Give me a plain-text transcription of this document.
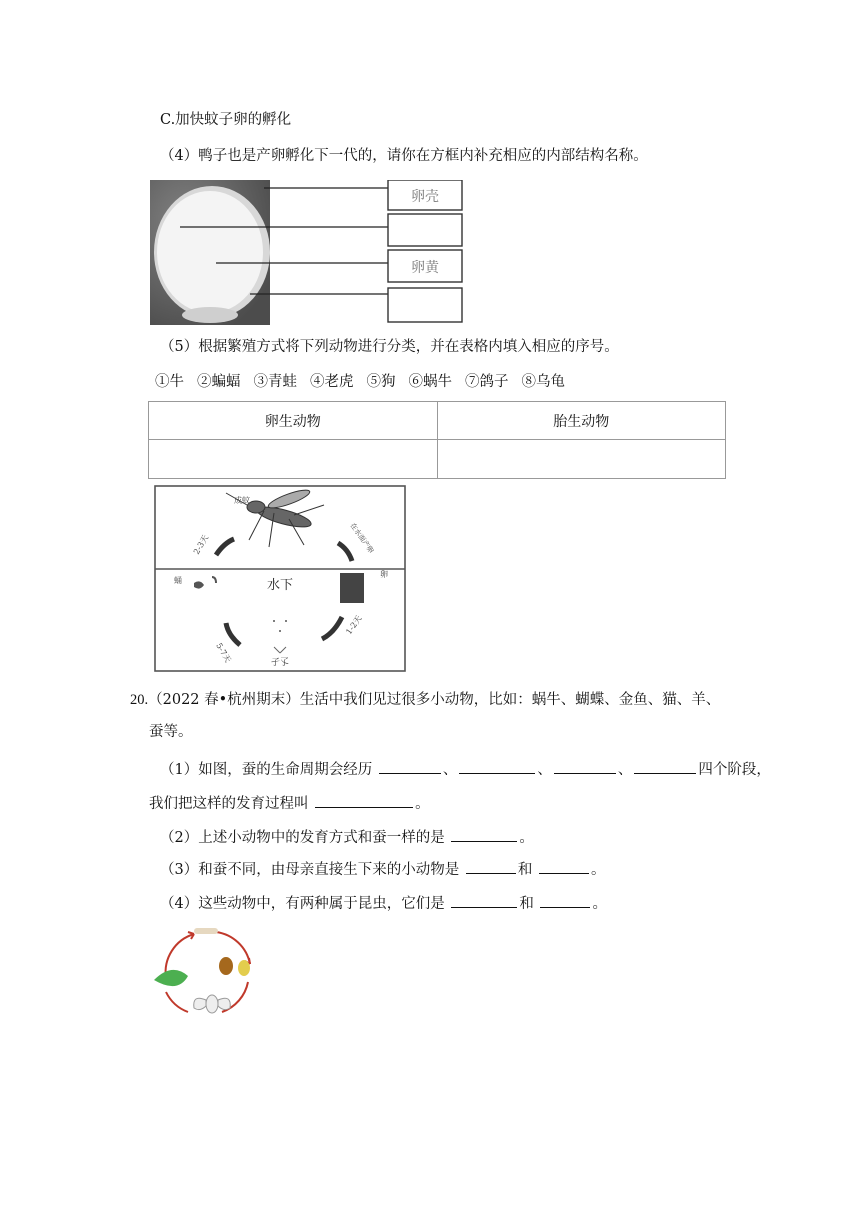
C.加快蚊子卵的孵化
（4）鸭子也是产卵孵化下一代的，请你在方框内补充相应的内部结构名称。
卵壳
卵黄
（5）根据繁殖方式将下列动物进行分类，并在表格内填入相应的序号。
①牛 ②蝙蝠 ③青蛙 ④老虎 ⑤狗 ⑥蜗牛 ⑦鸽子 ⑧乌龟
卵生动物	胎生动物

成蚊
在水面产卵
2-3天
水下
卵
蛹
5-7天
1-2天
孑孓
20.（2022 春•杭州期末）生活中我们见过很多小动物，比如：蜗牛、蝴蝶、金鱼、猫、羊、
蚕等。
（1）如图，蚕的生命周期会经历	、	、	、	四个阶段，
我们把这样的发育过程叫	。
（2）上述小动物中的发育方式和蚕一样的是	。
（3）和蚕不同，由母亲直接生下来的小动物是	和	。
（4）这些动物中，有两种属于昆虫，它们是	和	。
